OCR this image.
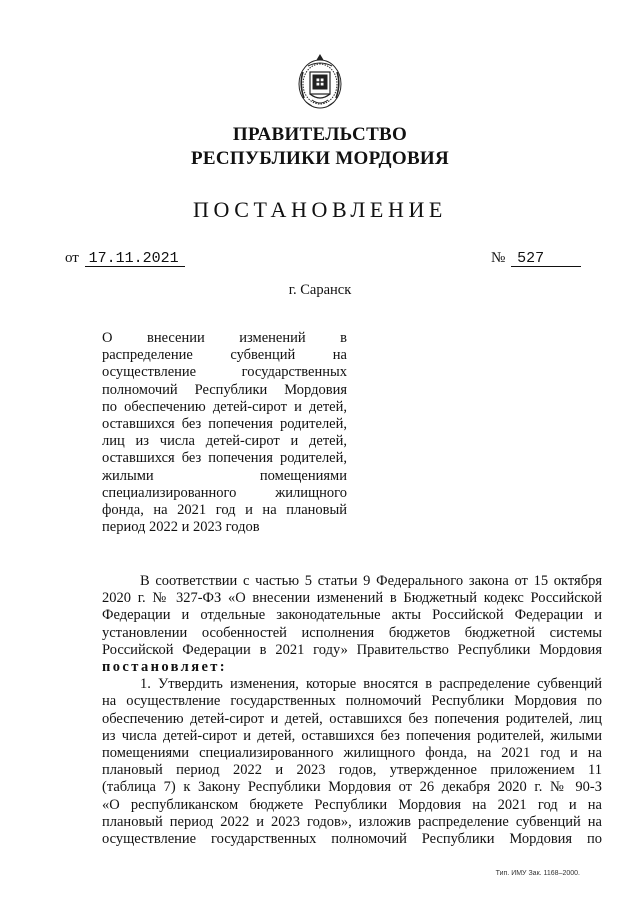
ПРАВИТЕЛЬСТВО
РЕСПУБЛИКИ МОРДОВИЯ
ПОСТАНОВЛЕНИЕ
от 17.11.2021	№ 527
г. Саранск
О внесении изменений в
распределение субвенций на
осуществление государственных
полномочий Республики Мордовия
по обеспечению детей-сирот и детей,
оставшихся без попечения родителей,
лиц из числа детей-сирот и детей,
оставшихся без попечения родителей,
жилыми помещениями
специализированного жилищного
фонда, на 2021 год и на плановый
период 2022 и 2023 годов
В соответствии с частью 5 статьи 9 Федерального закона от 15 октября
2020 г. № 327-ФЗ «О внесении изменений в Бюджетный кодекс Российской
Федерации и отдельные законодательные акты Российской Федерации и
установлении особенностей исполнения бюджетов бюджетной системы
Российской Федерации в 2021 году» Правительство Республики Мордовия
постановляет:
1. Утвердить изменения, которые вносятся в распределение субвенций
на осуществление государственных полномочий Республики Мордовия по
обеспечению детей-сирот и детей, оставшихся без попечения родителей, лиц
из числа детей-сирот и детей, оставшихся без попечения родителей, жилыми
помещениями специализированного жилищного фонда, на 2021 год и на
плановый период 2022 и 2023 годов, утвержденное приложением 11
(таблица 7) к Закону Республики Мордовия от 26 декабря 2020 г. № 90-З
«О республиканском бюджете Республики Мордовия на 2021 год и на
плановый период 2022 и 2023 годов», изложив распределение субвенций на
осуществление государственных полномочий Республики Мордовия по
Тип. ИМУ Зак. 1168–2000.
